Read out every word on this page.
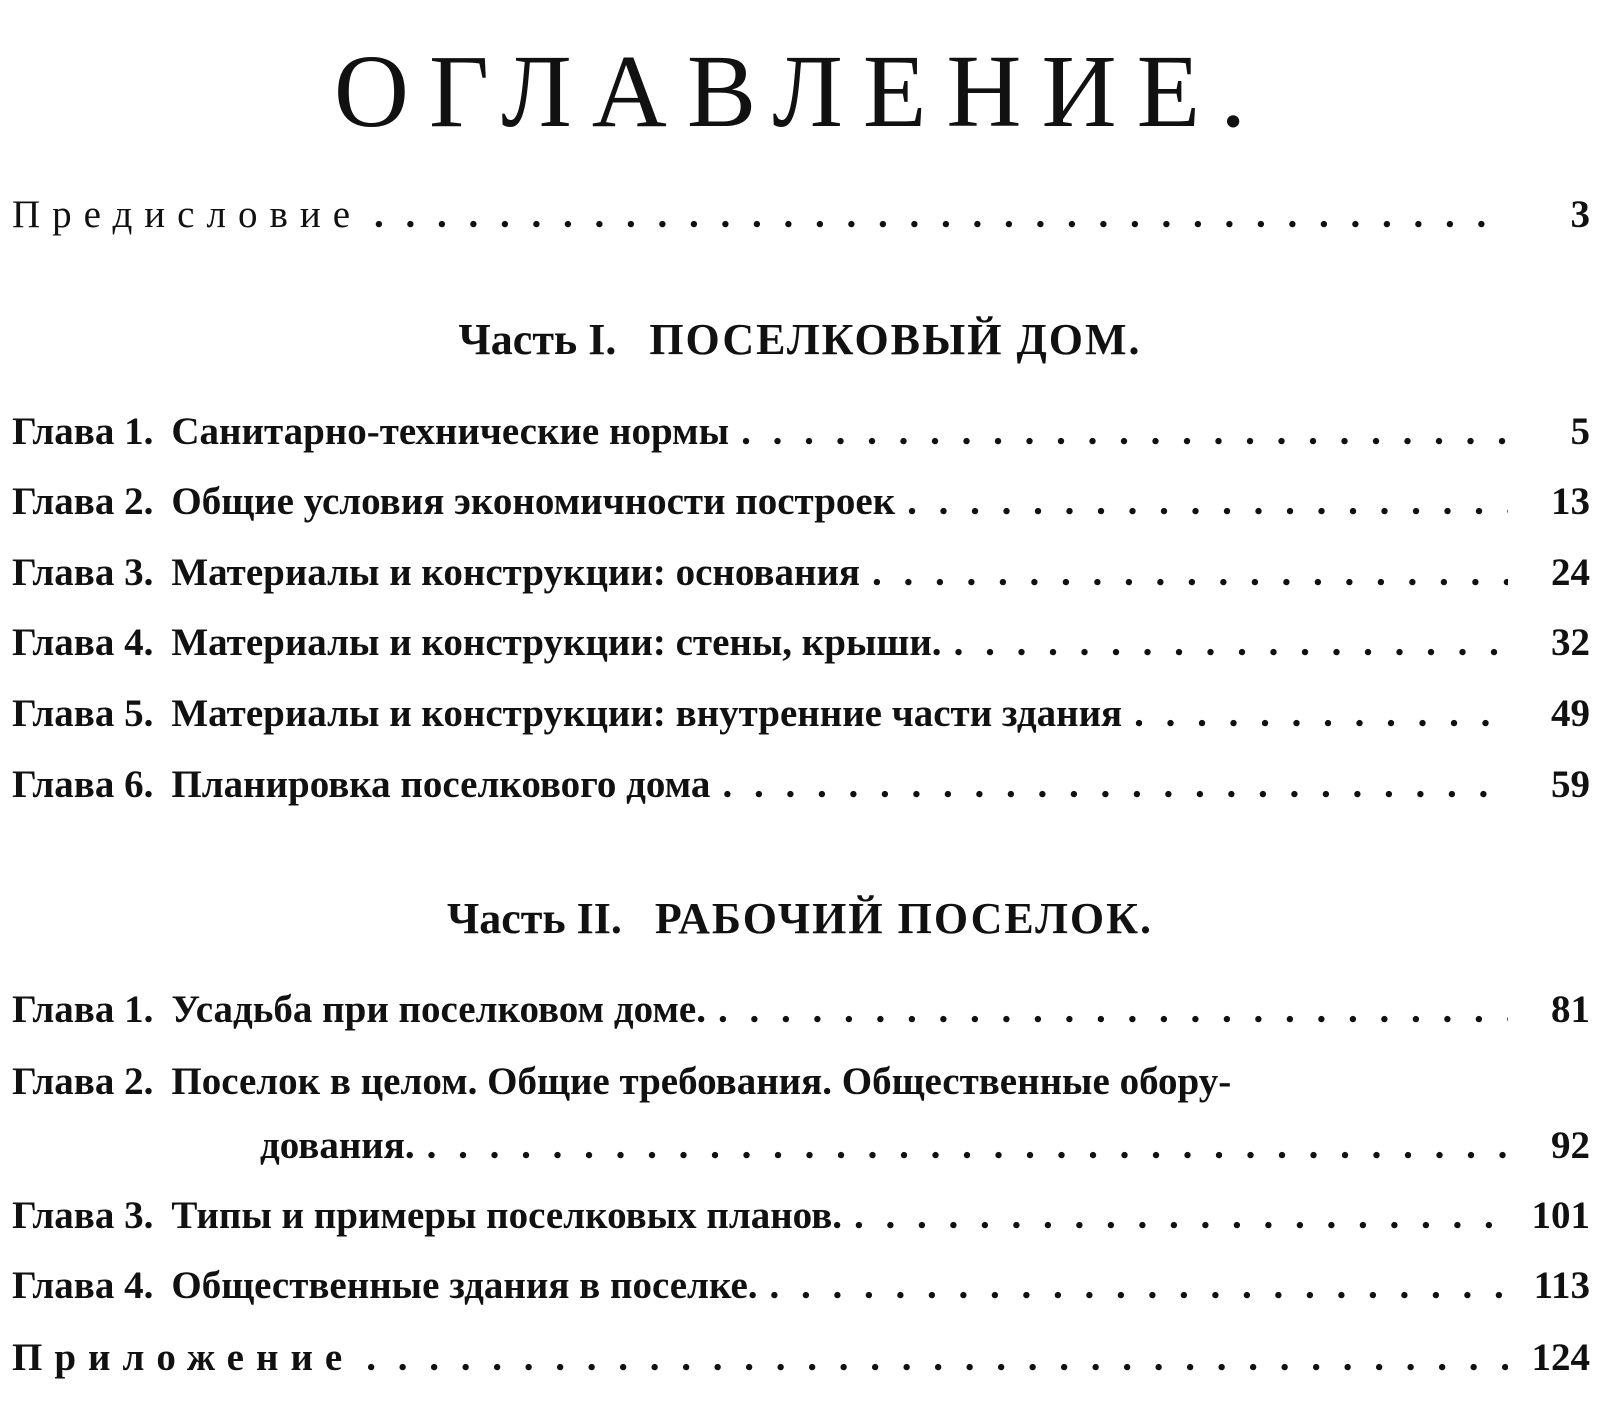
ОГЛАВЛЕНИЕ.
Предисловие . . .	3
Часть I. ПОСЕЛКОВЫЙ ДОМ.
Глава 1. Санитарно-технические нормы . . .	5
Глава 2. Общие условия экономичности построек . . .	13
Глава 3. Материалы и конструкции: основания . . .	24
Глава 4. Материалы и конструкции: стены, крыши. . . .	32
Глава 5. Материалы и конструкции: внутренние части здания . . .	49
Глава 6. Планировка поселкового дома . . .	59
Часть II. РАБОЧИЙ ПОСЕЛОК.
Глава 1. Усадьба при поселковом доме. . . .	81
Глава 2. Поселок в целом. Общие требования. Общественные обору-
дования. . . .	92
Глава 3. Типы и примеры поселковых планов. . . .	101
Глава 4. Общественные здания в поселке. . . .	113
Приложение . . .	124
